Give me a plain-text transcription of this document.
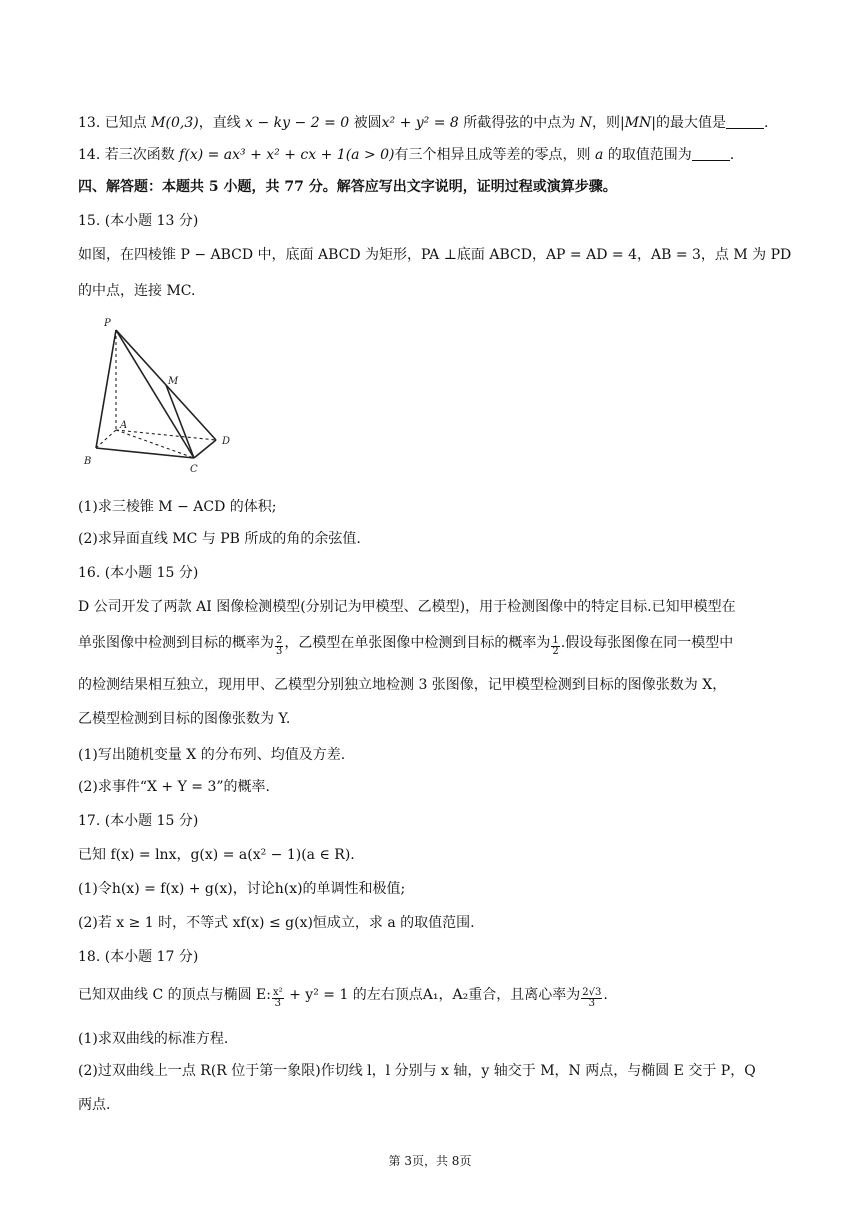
13. 已知点 M(0,3)，直线 x − ky − 2 = 0 被圆x² + y² = 8 所截得弦的中点为 N，则|MN|的最大值是	.
14. 若三次函数 f(x) = ax³ + x² + cx + 1(a > 0)有三个相异且成等差的零点，则 a 的取值范围为	.
四、解答题：本题共 5 小题，共 77 分。解答应写出文字说明，证明过程或演算步骤。
15. (本小题 13 分)
如图，在四棱锥 P − ABCD 中，底面 ABCD 为矩形，PA ⊥底面 ABCD，AP = AD = 4，AB = 3，点 M 为 PD
的中点，连接 MC.
P
M
A
D
B
C
(1)求三棱锥 M − ACD 的体积;
(2)求异面直线 MC 与 PB 所成的角的余弦值.
16. (本小题 15 分)
D 公司开发了两款 AI 图像检测模型(分别记为甲模型、乙模型)，用于检测图像中的特定目标.已知甲模型在
单张图像中检测到目标的概率为 $\frac{2}{3}$ ，乙模型在单张图像中检测到目标的概率为 $\frac{1}{2}$ .假设每张图像在同一模型中
的检测结果相互独立，现用甲、乙模型分别独立地检测 3 张图像，记甲模型检测到目标的图像张数为 X，
乙模型检测到目标的图像张数为 Y.
(1)写出随机变量 X 的分布列、均值及方差.
(2)求事件“X + Y = 3”的概率.
17. (本小题 15 分)
已知 f(x) = lnx，g(x) = a(x² − 1)(a ∈ R).
(1)令h(x) = f(x) + g(x)，讨论h(x)的单调性和极值;
(2)若 x ≥ 1 时，不等式 xf(x) ≤ g(x)恒成立，求 a 的取值范围.
18. (本小题 17 分)
已知双曲线 C 的顶点与椭圆 E: $\frac{\text{x²}}{3} + y^2 = 1$ 的左右顶点A₁，A₂重合，且离心率为 $\frac{2√3}{3}$ .
(1)求双曲线的标准方程.
(2)过双曲线上一点 R(R 位于第一象限)作切线 l，l 分别与 x 轴，y 轴交于 M，N 两点，与椭圆 E 交于 P，Q
两点.
第 3页，共 8页
